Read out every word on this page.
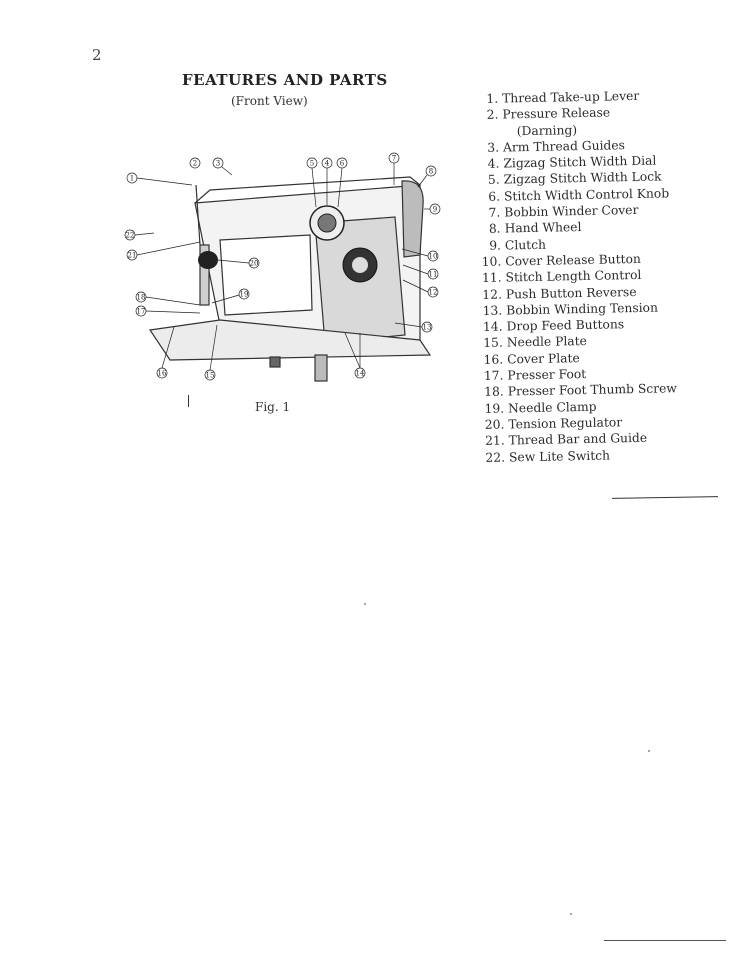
2
FEATURES AND PARTS
(Front View)
1
2	3	5 4 6
7
8
9
10
11
12
13
14
15
16
17
18	19
20
21
22
Fig. 1
1. Thread Take-up Lever
2. Pressure Release
(Darning)
3. Arm Thread Guides
4. Zigzag Stitch Width Dial
5. Zigzag Stitch Width Lock
6. Stitch Width Control Knob
7. Bobbin Winder Cover
8. Hand Wheel
9. Clutch
10. Cover Release Button
11. Stitch Length Control
12. Push Button Reverse
13. Bobbin Winding Tension
14. Drop Feed Buttons
15. Needle Plate
16. Cover Plate
17. Presser Foot
18. Presser Foot Thumb Screw
19. Needle Clamp
20. Tension Regulator
21. Thread Bar and Guide
22. Sew Lite Switch
